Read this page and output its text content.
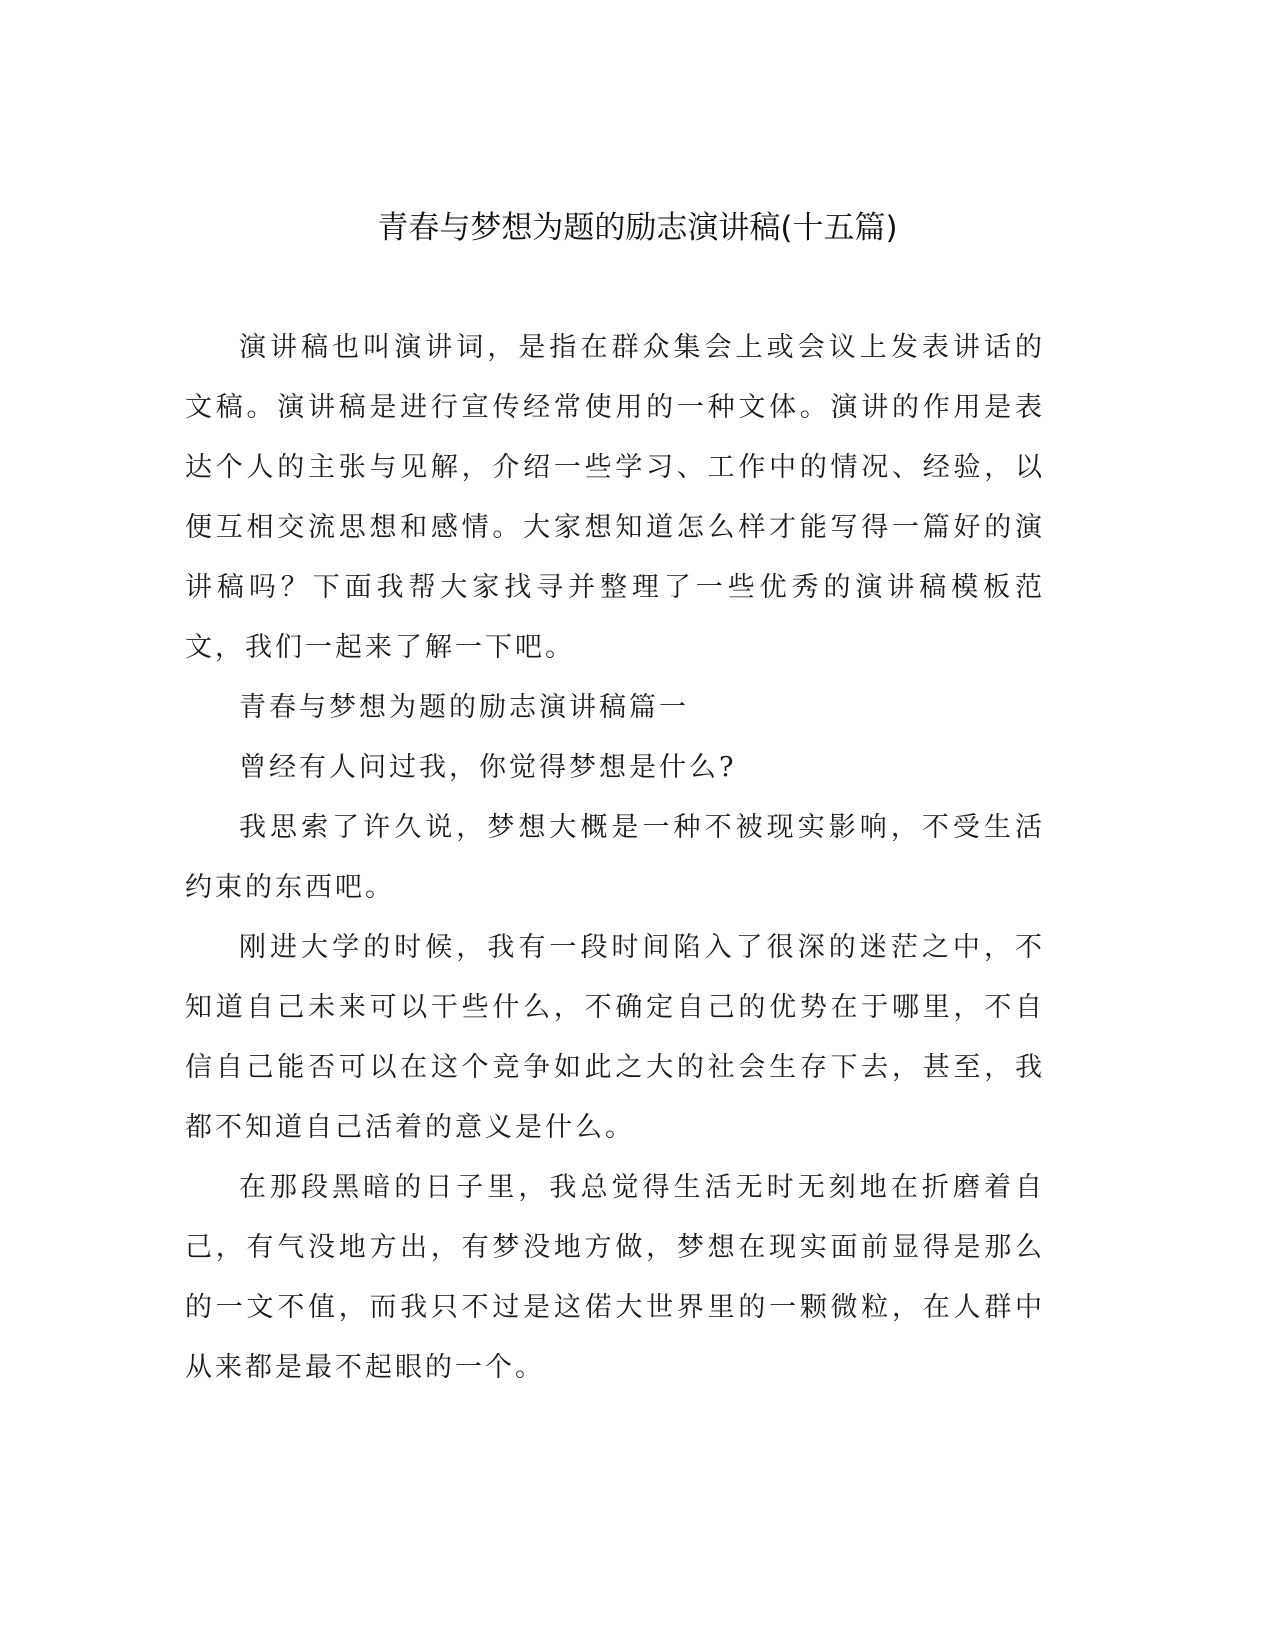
青春与梦想为题的励志演讲稿(十五篇)

演讲稿也叫演讲词，是指在群众集会上或会议上发表讲话的文稿。演讲稿是进行宣传经常使用的一种文体。演讲的作用是表达个人的主张与见解，介绍一些学习、工作中的情况、经验，以便互相交流思想和感情。大家想知道怎么样才能写得一篇好的演讲稿吗？下面我帮大家找寻并整理了一些优秀的演讲稿模板范文，我们一起来了解一下吧。

青春与梦想为题的励志演讲稿篇一

曾经有人问过我，你觉得梦想是什么?

我思索了许久说，梦想大概是一种不被现实影响，不受生活约束的东西吧。

刚进大学的时候，我有一段时间陷入了很深的迷茫之中，不知道自己未来可以干些什么，不确定自己的优势在于哪里，不自信自己能否可以在这个竞争如此之大的社会生存下去，甚至，我都不知道自己活着的意义是什么。

在那段黑暗的日子里，我总觉得生活无时无刻地在折磨着自己，有气没地方出，有梦没地方做，梦想在现实面前显得是那么的一文不值，而我只不过是这偌大世界里的一颗微粒，在人群中从来都是最不起眼的一个。
